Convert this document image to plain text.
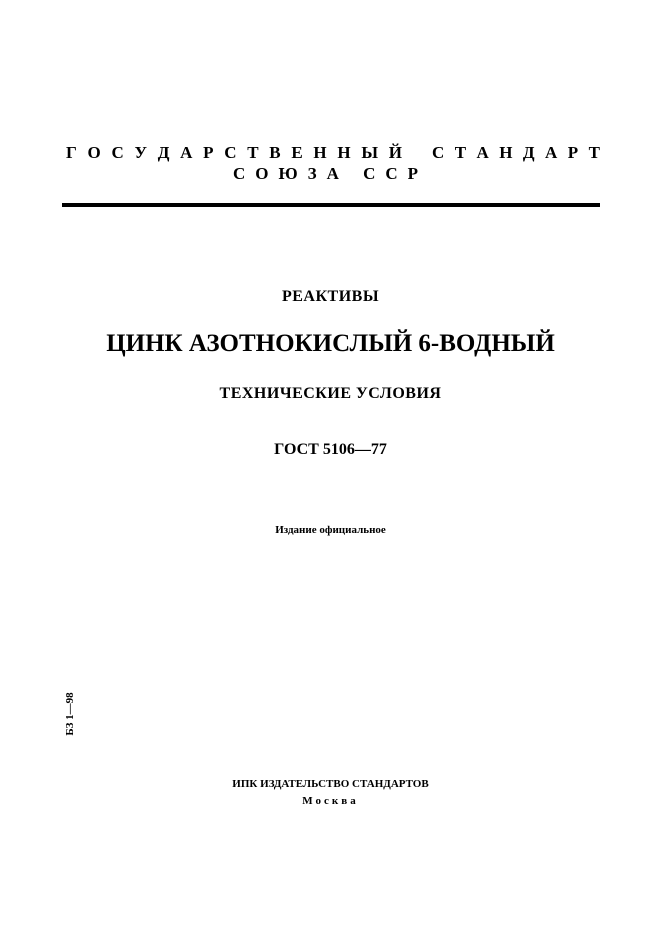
Г О С У Д А Р С Т В Е Н Н Ы Й С Т А Н Д А Р Т
СОЮЗА ССР
РЕАКТИВЫ
ЦИНК АЗОТНОКИСЛЫЙ 6-ВОДНЫЙ
ТЕХНИЧЕСКИЕ УСЛОВИЯ
ГОСТ 5106—77
Издание официальное
БЗ 1—98
ИПК ИЗДАТЕЛЬСТВО СТАНДАРТОВ
Москва
